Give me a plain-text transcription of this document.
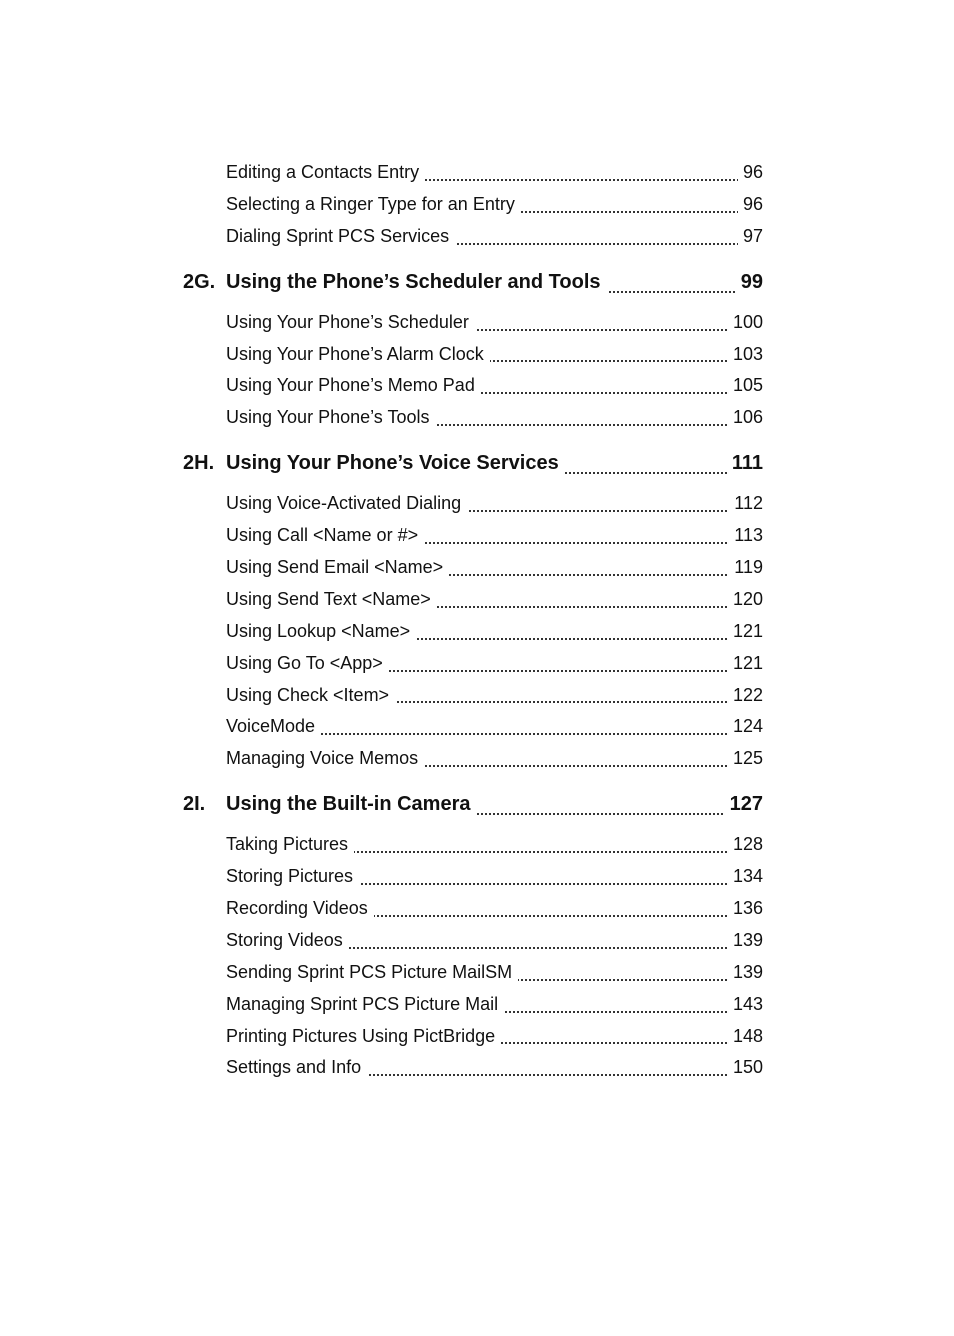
Editing a Contacts Entry	96
Selecting a Ringer Type for an Entry	96
Dialing Sprint PCS Services	97
2G. Using the Phone’s Scheduler and Tools	99
Using Your Phone’s Scheduler	100
Using Your Phone’s Alarm Clock	103
Using Your Phone’s Memo Pad	105
Using Your Phone’s Tools	106
2H. Using Your Phone’s Voice Services	111
Using Voice-Activated Dialing	112
Using Call <Name or #>	113
Using Send Email <Name>	119
Using Send Text <Name>	120
Using Lookup <Name>	121
Using Go To <App>	121
Using Check <Item>	122
VoiceMode	124
Managing Voice Memos	125
2I.	Using the Built-in Camera	127
Taking Pictures	128
Storing Pictures	134
Recording Videos	136
Storing Videos	139
Sending Sprint PCS Picture MailSM	139
Managing Sprint PCS Picture Mail	143
Printing Pictures Using PictBridge	148
Settings and Info	150
